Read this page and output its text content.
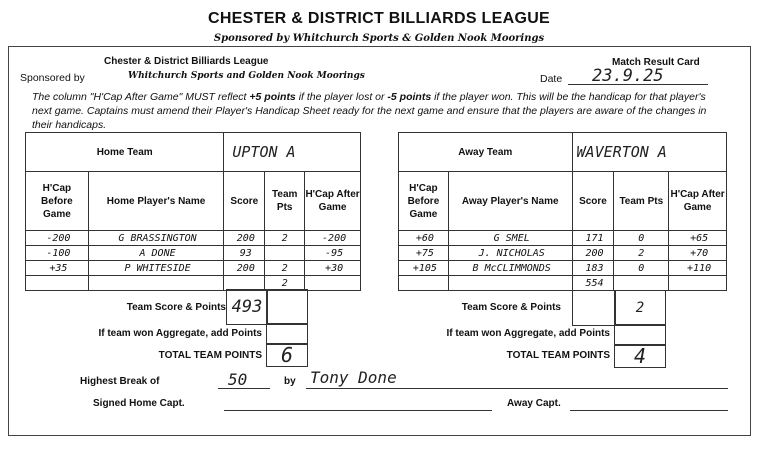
CHESTER & DISTRICT BILLIARDS LEAGUE
Sponsored by Whitchurch Sports & Golden Nook Moorings
Chester & District Billiards League	Match Result Card
Sponsored by	Whitchurch Sports and Golden Nook Moorings	Date 23.9.25
The column "H'Cap After Game" MUST reflect +5 points if the player lost or -5 points if the player won. This will be the handicap for that player's next game. Captains must amend their Player's Handicap Sheet ready for the next game and ensure that the players are aware of the changes in their handicaps.
Home Team		UPTON A		
H'Cap Before Game	Home Player's Name	Score	Team Pts	H'Cap After Game
-200	G BRASSINGTON	200	2	-200
-100	A DONE	93		-95
+35	P WHITESIDE	200	2	+30
			2	
Team Score & Points 493
If team won Aggregate, add Points
TOTAL TEAM POINTS 6
Away Team		WAVERTON A		
H'Cap Before Game	Away Player's Name	Score	Team Pts	H'Cap After Game
+60	G SMEL	171	0	+65
+75	J. NICHOLAS	200	2	+70
+105	B McCLIMMONDS	183	0	+110
		554		
Team Score & Points	2
If team won Aggregate, add Points
TOTAL TEAM POINTS	4
Highest Break of	50	by Tony Done
Signed Home Capt.	Away Capt.
